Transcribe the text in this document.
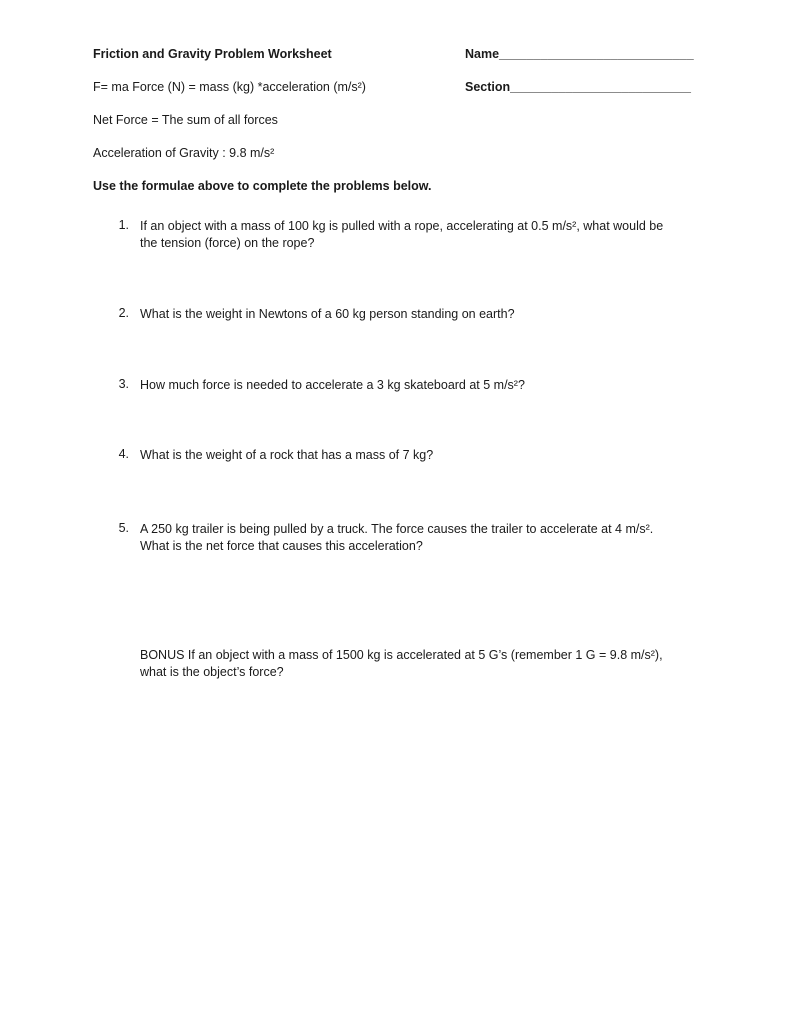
Friction and Gravity Problem Worksheet	Name____________________________
F= ma Force (N) = mass (kg) *acceleration (m/s²)	Section__________________________
Net Force = The sum of all forces
Acceleration of Gravity : 9.8 m/s²
Use the formulae above to complete the problems below.
1. If an object with a mass of 100 kg is pulled with a rope, accelerating at 0.5 m/s², what would be
the tension (force) on the rope?
2. What is the weight in Newtons of a 60 kg person standing on earth?
3. How much force is needed to accelerate a 3 kg skateboard at 5 m/s²?
4. What is the weight of a rock that has a mass of 7 kg?
5. A 250 kg trailer is being pulled by a truck. The force causes the trailer to accelerate at 4 m/s².
What is the net force that causes this acceleration?
BONUS If an object with a mass of 1500 kg is accelerated at 5 G’s (remember 1 G = 9.8 m/s²),
what is the object’s force?
